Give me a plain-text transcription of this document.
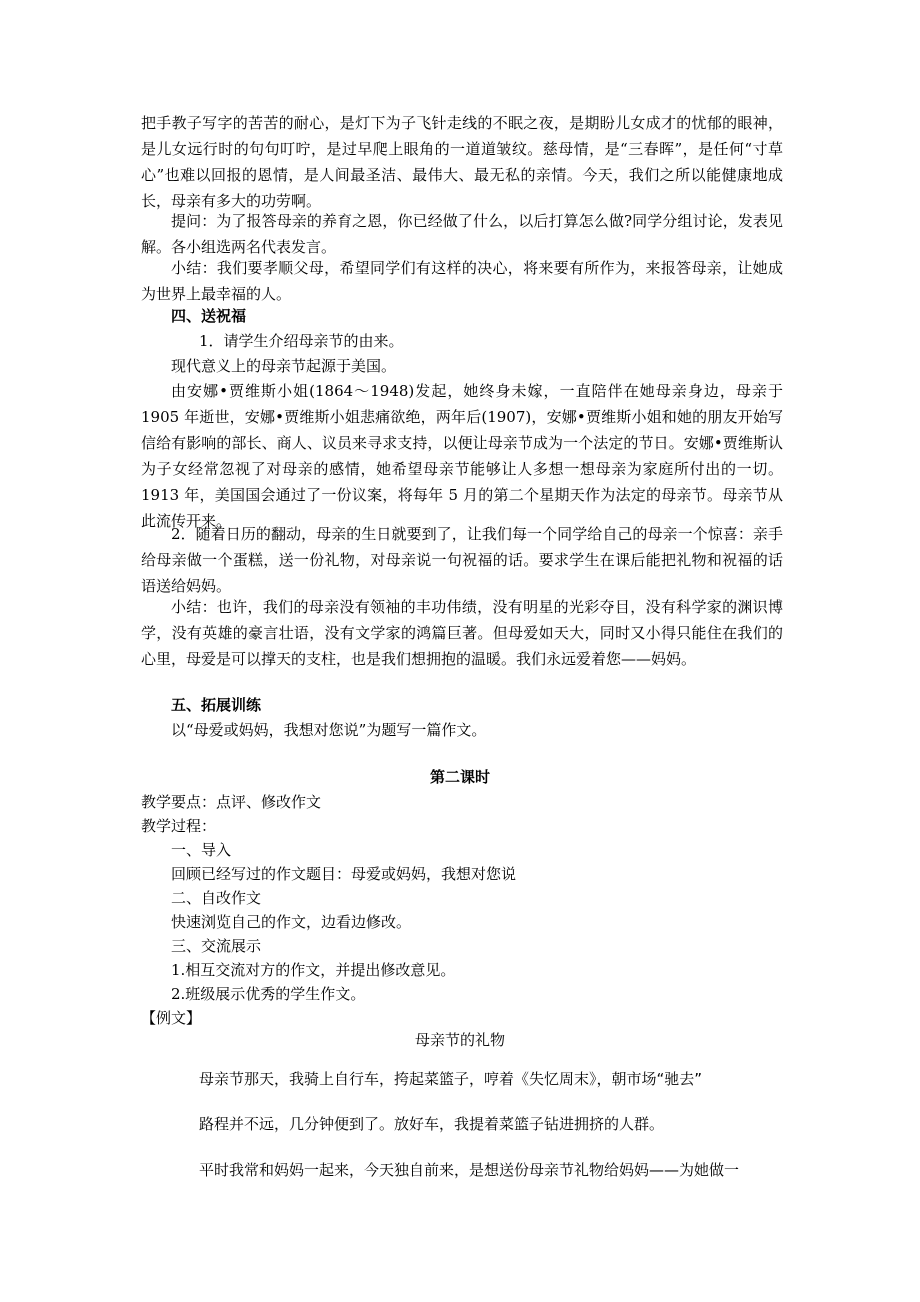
把手教子写字的苦苦的耐心，是灯下为子飞针走线的不眠之夜，是期盼儿女成才的忧郁的眼神，是儿女远行时的句句叮咛，是过早爬上眼角的一道道皱纹。慈母情，是“三春晖”，是任何“寸草心”也难以回报的恩情，是人间最圣洁、最伟大、最无私的亲情。今天，我们之所以能健康地成长，母亲有多大的功劳啊。

提问：为了报答母亲的养育之恩，你已经做了什么，以后打算怎么做?同学分组讨论，发表见解。各小组选两名代表发言。

小结：我们要孝顺父母，希望同学们有这样的决心，将来要有所作为，来报答母亲，让她成为世界上最幸福的人。

四、送祝福

1．请学生介绍母亲节的由来。

现代意义上的母亲节起源于美国。

由安娜•贾维斯小姐(1864～1948)发起，她终身未嫁，一直陪伴在她母亲身边，母亲于 1905 年逝世，安娜•贾维斯小姐悲痛欲绝，两年后(1907)，安娜•贾维斯小姐和她的朋友开始写信给有影响的部长、商人、议员来寻求支持，以便让母亲节成为一个法定的节日。安娜•贾维斯认为子女经常忽视了对母亲的感情，她希望母亲节能够让人多想一想母亲为家庭所付出的一切。1913 年，美国国会通过了一份议案，将每年 5 月的第二个星期天作为法定的母亲节。母亲节从此流传开来。

2．随着日历的翻动，母亲的生日就要到了，让我们每一个同学给自己的母亲一个惊喜：亲手给母亲做一个蛋糕，送一份礼物，对母亲说一句祝福的话。要求学生在课后能把礼物和祝福的话语送给妈妈。

小结：也许，我们的母亲没有领袖的丰功伟绩，没有明星的光彩夺目，没有科学家的渊识博学，没有英雄的豪言壮语，没有文学家的鸿篇巨著。但母爱如天大，同时又小得只能住在我们的心里，母爱是可以撑天的支柱，也是我们想拥抱的温暖。我们永远爱着您——妈妈。

五、拓展训练

以“母爱或妈妈，我想对您说”为题写一篇作文。

第二课时

教学要点：点评、修改作文

教学过程：

一、导入

回顾已经写过的作文题目：母爱或妈妈，我想对您说

二、自改作文

快速浏览自己的作文，边看边修改。

三、交流展示

1.相互交流对方的作文，并提出修改意见。

2.班级展示优秀的学生作文。

【例文】

母亲节的礼物

母亲节那天，我骑上自行车，挎起菜篮子，哼着《失忆周末》，朝市场“驰去”

路程并不远，几分钟便到了。放好车，我提着菜篮子钻进拥挤的人群。

平时我常和妈妈一起来，今天独自前来，是想送份母亲节礼物给妈妈——为她做一
